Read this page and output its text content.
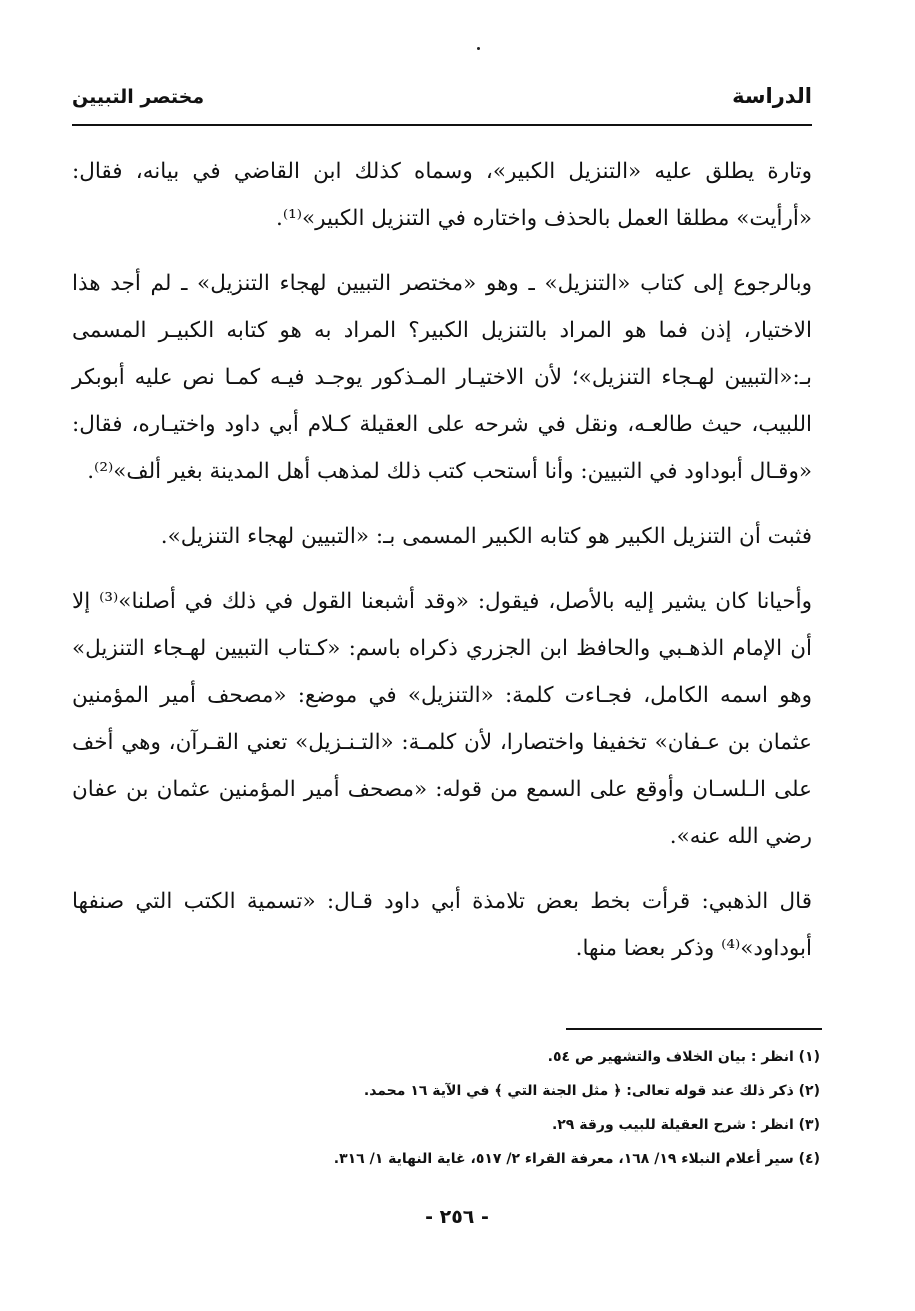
الدراسة
مختصر التبيين

وتارة يطلق عليه «التنزيل الكبير»، وسماه كذلك ابن القاضي في بيانه، فقال: «أرأيت» مطلقا العمل بالحذف واختاره في التنزيل الكبير»⁽¹⁾.

وبالرجوع إلى كتاب «التنزيل» ـ وهو «مختصر التبيين لهجاء التنزيل» ـ لم أجد هذا الاختيار، إذن فما هو المراد بالتنزيل الكبير؟ المراد به هو كتابه الكبيـر المسمى بـ:«التبيين لهـجاء التنزيل»؛ لأن الاختيـار المـذكور يوجـد فيـه كمـا نص عليه أبوبكر اللبيب، حيث طالعـه، ونقل في شرحه على العقيلة كـلام أبي داود واختيـاره، فقال: «وقـال أبوداود في التبيين: وأنا أستحب كتب ذلك لمذهب أهل المدينة بغير ألف»⁽²⁾.

فثبت أن التنزيل الكبير هو كتابه الكبير المسمى بـ: «التبيين لهجاء التنزيل».

وأحيانا كان يشير إليه بالأصل، فيقول: «وقد أشبعنا القول في ذلك في أصلنا»⁽³⁾ إلا أن الإمام الذهـبي والحافظ ابن الجزري ذكراه باسم: «كـتاب التبيين لهـجاء التنزيل» وهو اسمه الكامل، فجـاءت كلمة: «التنزيل» في موضع: «مصحف أمير المؤمنين عثمان بن عـفان» تخفيفا واختصارا، لأن كلمـة: «التـنـزيل» تعني القـرآن، وهي أخف على الـلسـان وأوقع على السمع من قوله: «مصحف أمير المؤمنين عثمان بن عفان رضي الله عنه».

قال الذهبي: قرأت بخط بعض تلامذة أبي داود قـال: «تسمية الكتب التي صنفها أبوداود»⁽⁴⁾ وذكر بعضا منها.

(١) انظر : بيان الخلاف والتشهير ص ٥٤.
(٢) ذكر ذلك عند قوله تعالى: ﴿ مثل الجنة التي ﴾ في الآية ١٦ محمد.
(٣) انظر : شرح العقيلة للبيب ورقة ٢٩.
(٤) سير أعلام النبلاء ١٩/ ١٦٨، معرفة القراء ٢/ ٥١٧، غاية النهاية ١/ ٣١٦.
- ٢٥٦ -
